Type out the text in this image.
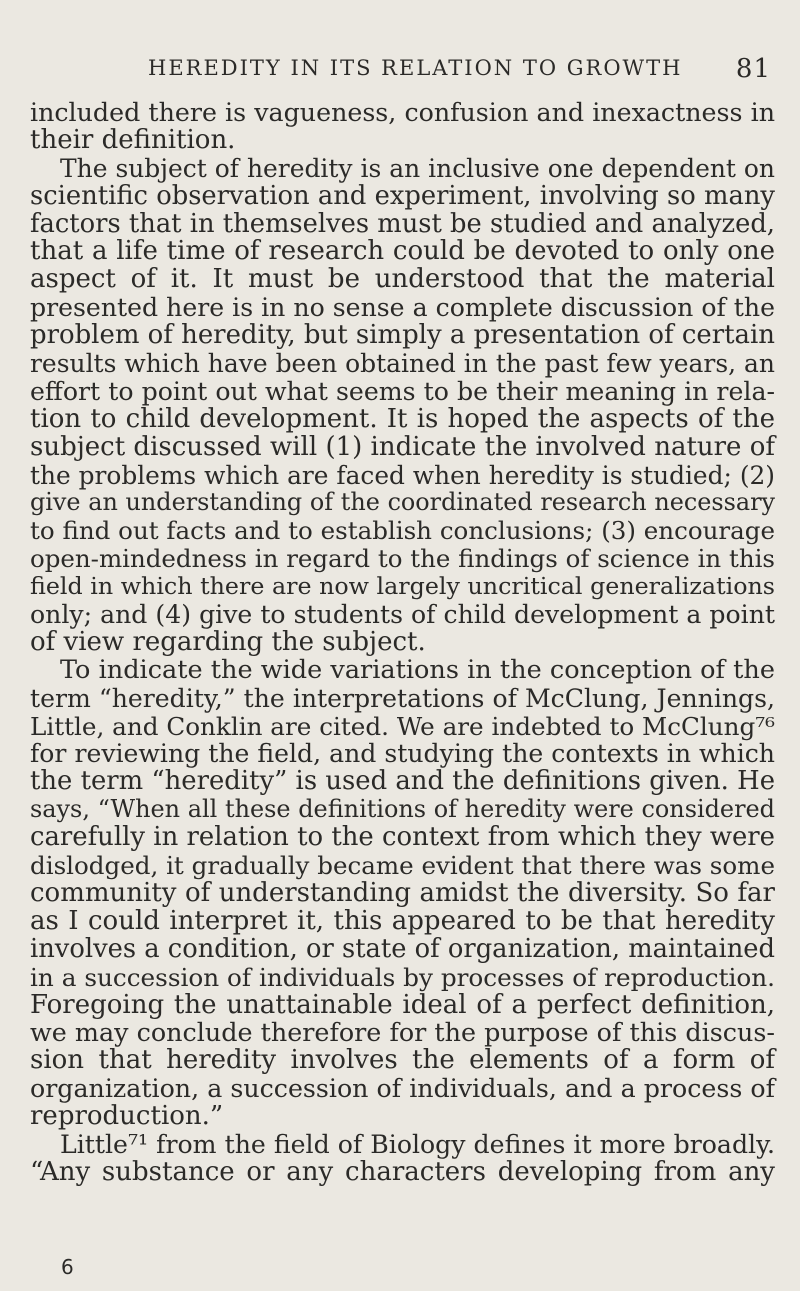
HEREDITY IN ITS RELATION TO GROWTH 81
included there is vagueness, confusion and inexactness in
their definition.
The subject of heredity is an inclusive one dependent on
scientific observation and experiment, involving so many
factors that in themselves must be studied and analyzed,
that a life time of research could be devoted to only one
aspect of it. It must be understood that the material
presented here is in no sense a complete discussion of the
problem of heredity, but simply a presentation of certain
results which have been obtained in the past few years, an
effort to point out what seems to be their meaning in rela-
tion to child development. It is hoped the aspects of the
subject discussed will (1) indicate the involved nature of
the problems which are faced when heredity is studied; (2)
give an understanding of the coordinated research necessary
to find out facts and to establish conclusions; (3) encourage
open-mindedness in regard to the findings of science in this
field in which there are now largely uncritical generalizations
only; and (4) give to students of child development a point
of view regarding the subject.
To indicate the wide variations in the conception of the
term “heredity,” the interpretations of McClung, Jennings,
Little, and Conklin are cited. We are indebted to McClung⁷⁶
for reviewing the field, and studying the contexts in which
the term “heredity” is used and the definitions given. He
says, “When all these definitions of heredity were considered
carefully in relation to the context from which they were
dislodged, it gradually became evident that there was some
community of understanding amidst the diversity. So far
as I could interpret it, this appeared to be that heredity
involves a condition, or state of organization, maintained
in a succession of individuals by processes of reproduction.
Foregoing the unattainable ideal of a perfect definition,
we may conclude therefore for the purpose of this discus-
sion that heredity involves the elements of a form of
organization, a succession of individuals, and a process of
reproduction.”
Little⁷¹ from the field of Biology defines it more broadly.
“Any substance or any characters developing from any
6
